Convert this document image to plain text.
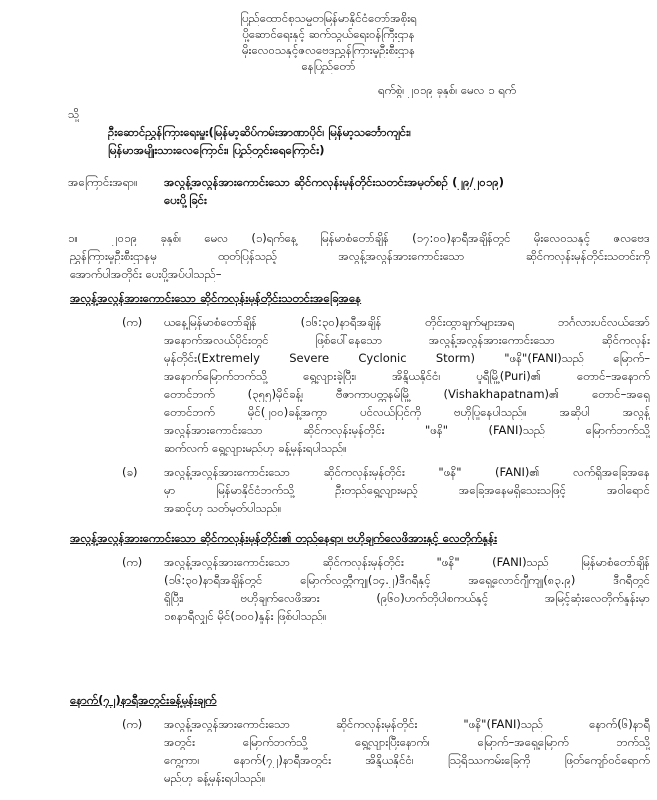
ပြည်ထောင်စုသမ္မတမြန်မာနိုင်ငံတော်အစိုးရ
ပို့ဆောင်ရေးနှင့် ဆက်သွယ်ရေးဝန်ကြီးဌာန
မိုးလေဝသနှင့်ဇလဗေဒညွှန်ကြားမှုဦးစီးဌာန
နေပြည်တော်
ရက်စွဲ၊ ၂၀၁၉ ခုနှစ်၊ မေလ ၁ ရက်
သို့
ဦးဆောင်ညွှန်ကြားရေးမှူး(မြန်မာ့ဆိပ်ကမ်းအာဏာပိုင်၊ မြန်မာ့သင်္ဘောကျင်း၊
မြန်မာအမျိုးသားလေကြောင်း၊ ပြည်တွင်းရေကြောင်း)
အကြောင်းအရာ။ အလွန့်အလွန်အားကောင်းသော ဆိုင်ကလုန်းမုန်တိုင်းသတင်းအမှတ်စဉ် (၂၉/၂၀၁၉)
ပေးပို့ခြင်း
၁။	၂၀၁၉ ခုနှစ်၊ မေလ (၁)ရက်နေ့ မြန်မာစံတော်ချိန် (၁၇:၀၀)နာရီအချိန်တွင် မိုးလေဝသနှင့် ဇလဗေဒ
ညွှန်ကြားမှုဦးစီးဌာနမှ ထုတ်ပြန်သည့် အလွန့်အလွန်အားကောင်းသော ဆိုင်ကလုန်းမုန်တိုင်းသတင်းကို
အောက်ပါအတိုင်း ပေးပို့အပ်ပါသည်–
အလွန့်အလွန်အားကောင်းသော ဆိုင်ကလုန်းမုန်တိုင်းသတင်းအခြေအနေ
(က) ယနေ့မြန်မာစံတော်ချိန် (၁၆:၃၀)နာရီအချိန် တိုင်းထွာချက်များအရ ဘင်္ဂလားပင်လယ်အော်
အနောက်အလယ်ပိုင်းတွင် ဖြစ်ပေါ်နေသော အလွန့်အလွန်အားကောင်းသော ဆိုင်ကလုန်း
မုန်တိုင်း(Extremely Severe Cyclonic Storm) "ဖနိ"(FANI)သည် မြောက်–
အနောက်မြောက်ဘက်သို့ ရွေ့လျားခဲ့ပြီး၊ အိန္ဒိယနိုင်ငံ၊ ပူရီမြို့(Puri)၏ တောင်–အနောက်
တောင်ဘက် (၃၅၅)မိုင်ခန့်၊ ဗီဇာကာပတ္တနမ်မြို့ (Vishakhapatnam)၏ တောင်–အရှေ့
တောင်ဘက် မိုင်(၂၀၀)ခန့်အကွာ ပင်လယ်ပြင်ကို ဗဟိုပြုနေပါသည်။ အဆိုပါ အလွန့်
အလွန်အားကောင်းသော ဆိုင်ကလုန်းမုန်တိုင်း "ဖနိ" (FANI)သည် မြောက်ဘက်သို့
ဆက်လက် ရွေ့လျားမည်ဟု ခန့်မှန်းရပါသည်။
(ခ) အလွန့်အလွန်အားကောင်းသော ဆိုင်ကလုန်းမုန်တိုင်း "ဖနိ" (FANI)၏ လက်ရှိအခြေအနေ
မှာ မြန်မာနိုင်ငံဘက်သို့ ဦးတည်ရွေ့လျားမည့် အခြေအနေမရှိသေးသဖြင့် အဝါရောင်
အဆင့်ဟု သတ်မှတ်ပါသည်။
အလွန့်အလွန်အားကောင်းသော ဆိုင်ကလုန်းမုန်တိုင်း၏ တည်နေရာ၊ ဗဟိုချက်လေဖိအားနှင့် လေတိုက်နှုန်း
(က) အလွန့်အလွန်အားကောင်းသော ဆိုင်ကလုန်းမုန်တိုင်း "ဖနိ" (FANI)သည် မြန်မာစံတော်ချိန်
(၁၆:၃၀)နာရီအချိန်တွင် မြောက်လတ္တီကျု(၁၄.၂)ဒီဂရီနှင့် အရှေ့လောင်ဂျီကျု(၈၃.၉) ဒီဂရီတွင်
ရှိပြီး၊ ဗဟိုချက်လေဖိအား (၉၆၀)ဟက်တိုပါစကယ်နှင့် အမြင့်ဆုံးလေတိုက်နှုန်းမှာ
၁၈နာရီလျှင် မိုင်(၁၀၀)နှုန်း ဖြစ်ပါသည်။
နောက်(၇၂)နာရီအတွင်းခန့်မှန်းချက်
(က) အလွန့်အလွန်အားကောင်းသော ဆိုင်ကလုန်းမုန်တိုင်း "ဖနိ"(FANI)သည် နောက်(၆)နာရီ
အတွင်း မြောက်ဘက်သို့ ရွေ့လျားပြီးနောက်၊ မြောက်–အရှေ့မြောက် ဘက်သို့
ကွေ့ကာ၊ နောက်(၇၂)နာရီအတွင်း အိန္ဒိယနိုင်ငံ၊ ဩရိဿကမ်းခြေကို ဖြတ်ကျော်ဝင်ရောက်
မည်ဟု ခန့်မှန်းရပါသည်။
